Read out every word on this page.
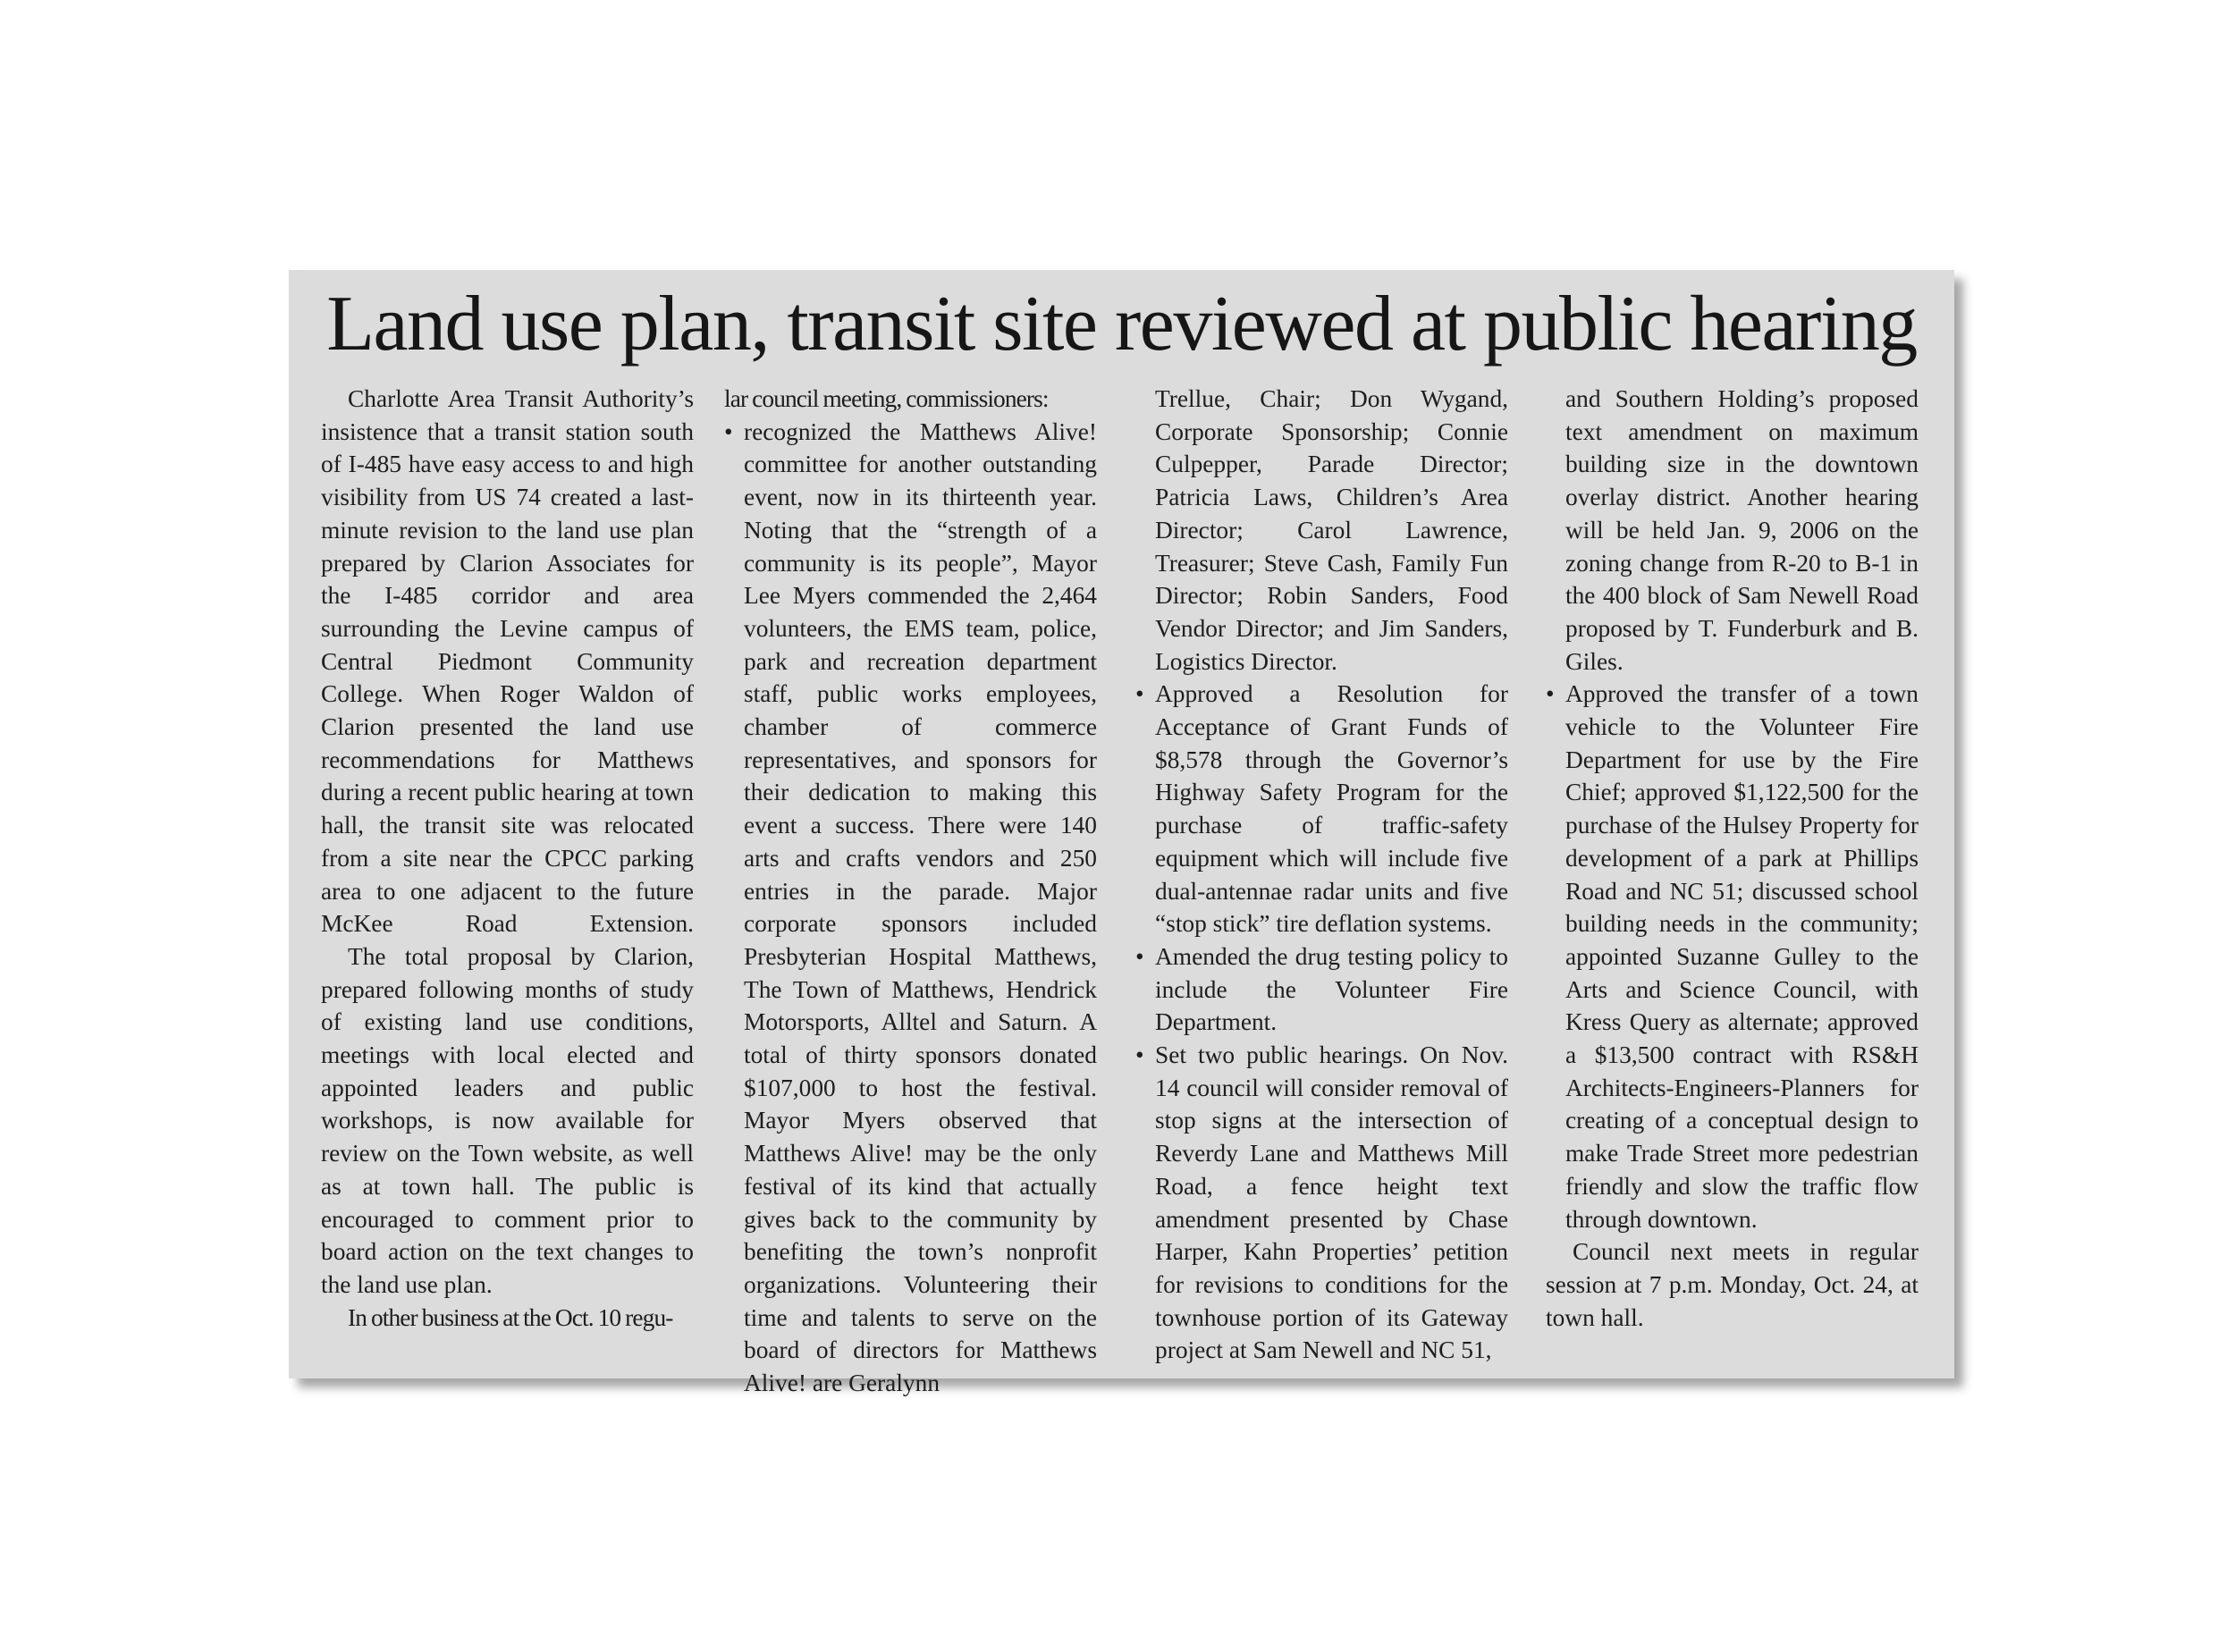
Land use plan, transit site reviewed at public hearing

Charlotte Area Transit Authority’s insistence that a transit station south of I-485 have easy access to and high visibility from US 74 created a last-minute revision to the land use plan prepared by Clarion Associates for the I-485 corridor and area surrounding the Levine campus of Central Piedmont Community College. When Roger Waldon of Clarion presented the land use recommendations for Matthews during a recent public hearing at town hall, the transit site was relocated from a site near the CPCC parking area to one adjacent to the future McKee Road Extension.

The total proposal by Clarion, prepared following months of study of existing land use conditions, meetings with local elected and appointed leaders and public workshops, is now available for review on the Town website, as well as at town hall. The public is encouraged to comment prior to board action on the text changes to the land use plan.

In other business at the Oct. 10 regu-

lar council meeting, commissioners:

• recognized the Matthews Alive! committee for another outstanding event, now in its thirteenth year. Noting that the “strength of a community is its people”, Mayor Lee Myers commended the 2,464 volunteers, the EMS team, police, park and recreation department staff, public works employees, chamber of commerce representatives, and sponsors for their dedication to making this event a success. There were 140 arts and crafts vendors and 250 entries in the parade. Major corporate sponsors included Presbyterian Hospital Matthews, The Town of Matthews, Hendrick Motorsports, Alltel and Saturn. A total of thirty sponsors donated $107,000 to host the festival. Mayor Myers observed that Matthews Alive! may be the only festival of its kind that actually gives back to the community by benefiting the town’s nonprofit organizations. Volunteering their time and talents to serve on the board of directors for Matthews Alive! are Geralynn
Trellue, Chair; Don Wygand, Corporate Sponsorship; Connie Culpepper, Parade Director; Patricia Laws, Children’s Area Director; Carol Lawrence, Treasurer; Steve Cash, Family Fun Director; Robin Sanders, Food Vendor Director; and Jim Sanders, Logistics Director.
• Approved a Resolution for Acceptance of Grant Funds of $8,578 through the Governor’s Highway Safety Program for the purchase of traffic-safety equipment which will include five dual-antennae radar units and five “stop stick” tire deflation systems.
• Amended the drug testing policy to include the Volunteer Fire Department.
• Set two public hearings. On Nov. 14 council will consider removal of stop signs at the intersection of Reverdy Lane and Matthews Mill Road, a fence height text amendment presented by Chase Harper, Kahn Properties’ petition for revisions to conditions for the townhouse portion of its Gateway project at Sam Newell and NC 51,
and Southern Holding’s proposed text amendment on maximum building size in the downtown overlay district. Another hearing will be held Jan. 9, 2006 on the zoning change from R-20 to B-1 in the 400 block of Sam Newell Road proposed by T. Funderburk and B. Giles.
• Approved the transfer of a town vehicle to the Volunteer Fire Department for use by the Fire Chief; approved $1,122,500 for the purchase of the Hulsey Property for development of a park at Phillips Road and NC 51; discussed school building needs in the community; appointed Suzanne Gulley to the Arts and Science Council, with Kress Query as alternate; approved a $13,500 contract with RS&H Architects-Engineers-Planners for creating of a conceptual design to make Trade Street more pedestrian friendly and slow the traffic flow through downtown.

Council next meets in regular session at 7 p.m. Monday, Oct. 24, at town hall.
